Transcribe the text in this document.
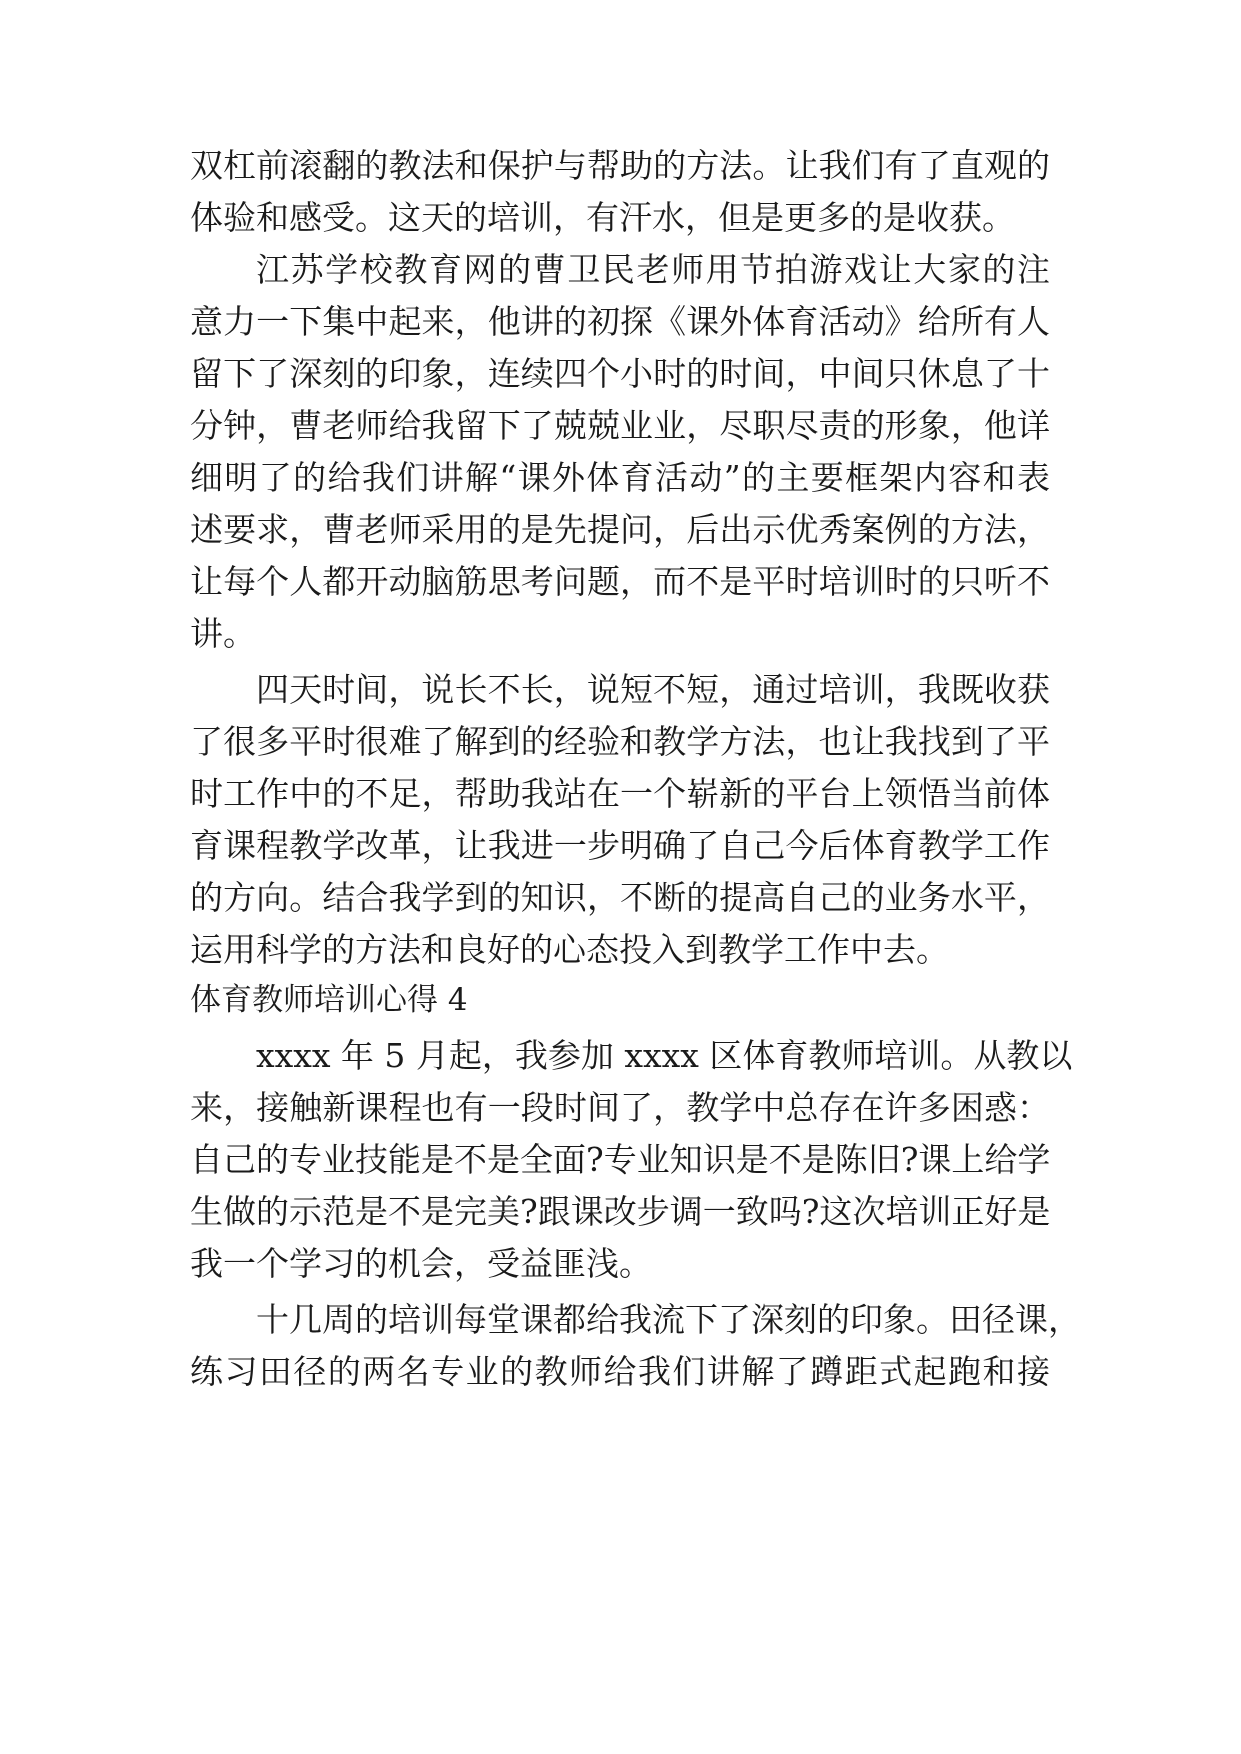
双杠前滚翻的教法和保护与帮助的方法。让我们有了直观的
体验和感受。这天的培训，有汗水，但是更多的是收获。
江苏学校教育网的曹卫民老师用节拍游戏让大家的注
意力一下集中起来，他讲的初探《课外体育活动》给所有人
留下了深刻的印象，连续四个小时的时间，中间只休息了十
分钟，曹老师给我留下了兢兢业业，尽职尽责的形象，他详
细明了的给我们讲解“课外体育活动”的主要框架内容和表
述要求，曹老师采用的是先提问，后出示优秀案例的方法，
让每个人都开动脑筋思考问题，而不是平时培训时的只听不
讲。
四天时间，说长不长，说短不短，通过培训，我既收获
了很多平时很难了解到的经验和教学方法，也让我找到了平
时工作中的不足，帮助我站在一个崭新的平台上领悟当前体
育课程教学改革，让我进一步明确了自己今后体育教学工作
的方向。结合我学到的知识，不断的提高自己的业务水平，
运用科学的方法和良好的心态投入到教学工作中去。
体育教师培训心得 4
xxxx 年 5 月起，我参加 xxxx 区体育教师培训。从教以
来，接触新课程也有一段时间了，教学中总存在许多困惑：
自己的专业技能是不是全面?专业知识是不是陈旧?课上给学
生做的示范是不是完美?跟课改步调一致吗?这次培训正好是
我一个学习的机会，受益匪浅。
十几周的培训每堂课都给我流下了深刻的印象。田径课，
练习田径的两名专业的教师给我们讲解了蹲距式起跑和接
